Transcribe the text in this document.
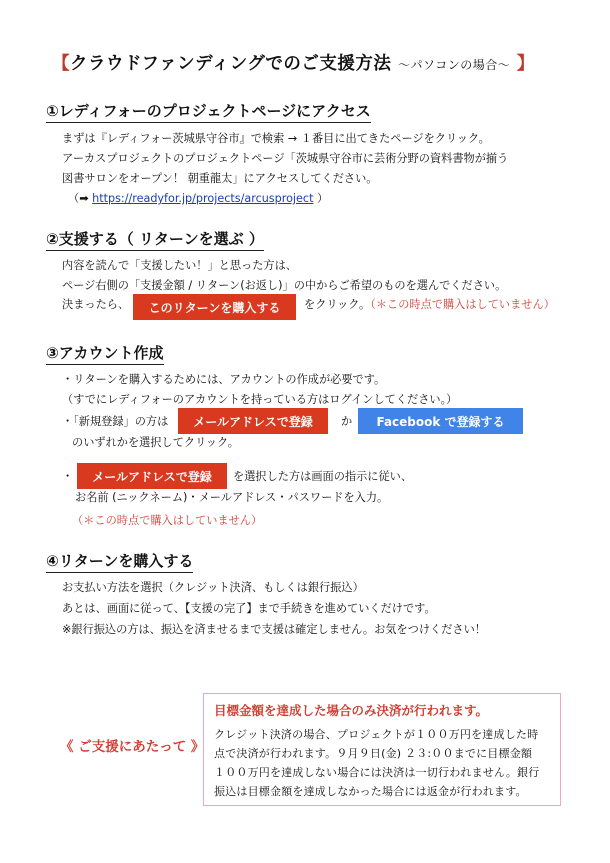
【クラウドファンディングでのご支援方法 ～パソコンの場合～ 】
①レディフォーのプロジェクトページにアクセス
まずは『レディフォー茨城県守谷市』で検索 → １番目に出てきたページをクリック。
アーカスプロジェクトのプロジェクトページ「茨城県守谷市に芸術分野の資料書物が揃う
図書サロンをオープン！ 朝重龍太」にアクセスしてください。
（➡ https://readyfor.jp/projects/arcusproject ）
②支援する（ リターンを選ぶ ）
内容を読んで「支援したい！」と思った方は、
ページ右側の「支援金額 / リターン(お返し)」の中からご希望のものを選んでください。
決まったら、	このリターンを購入する	をクリック。（＊この時点で購入はしていません）
③アカウント作成
・リターンを購入するためには、アカウントの作成が必要です。
（すでにレディフォーのアカウントを持っている方はログインしてください。）
・「新規登録」の方は	メールアドレスで登録	か	Facebook で登録する
のいずれかを選択してクリック。
・	メールアドレスで登録	を選択した方は画面の指示に従い、
お名前 (ニックネーム)・メールアドレス・パスワードを入力。
（＊この時点で購入はしていません）
④リターンを購入する
お支払い方法を選択（クレジット決済、もしくは銀行振込）
あとは、画面に従って、【支援の完了】まで手続きを進めていくだけです。
※銀行振込の方は、振込を済ませるまで支援は確定しません。お気をつけください！
《 ご支援にあたって 》
目標金額を達成した場合のみ決済が行われます。
クレジット決済の場合、プロジェクトが１００万円を達成した時
点で決済が行われます。９月９日(金) ２３:００までに目標金額
１００万円を達成しない場合には決済は一切行われません。銀行
振込は目標金額を達成しなかった場合には返金が行われます。
